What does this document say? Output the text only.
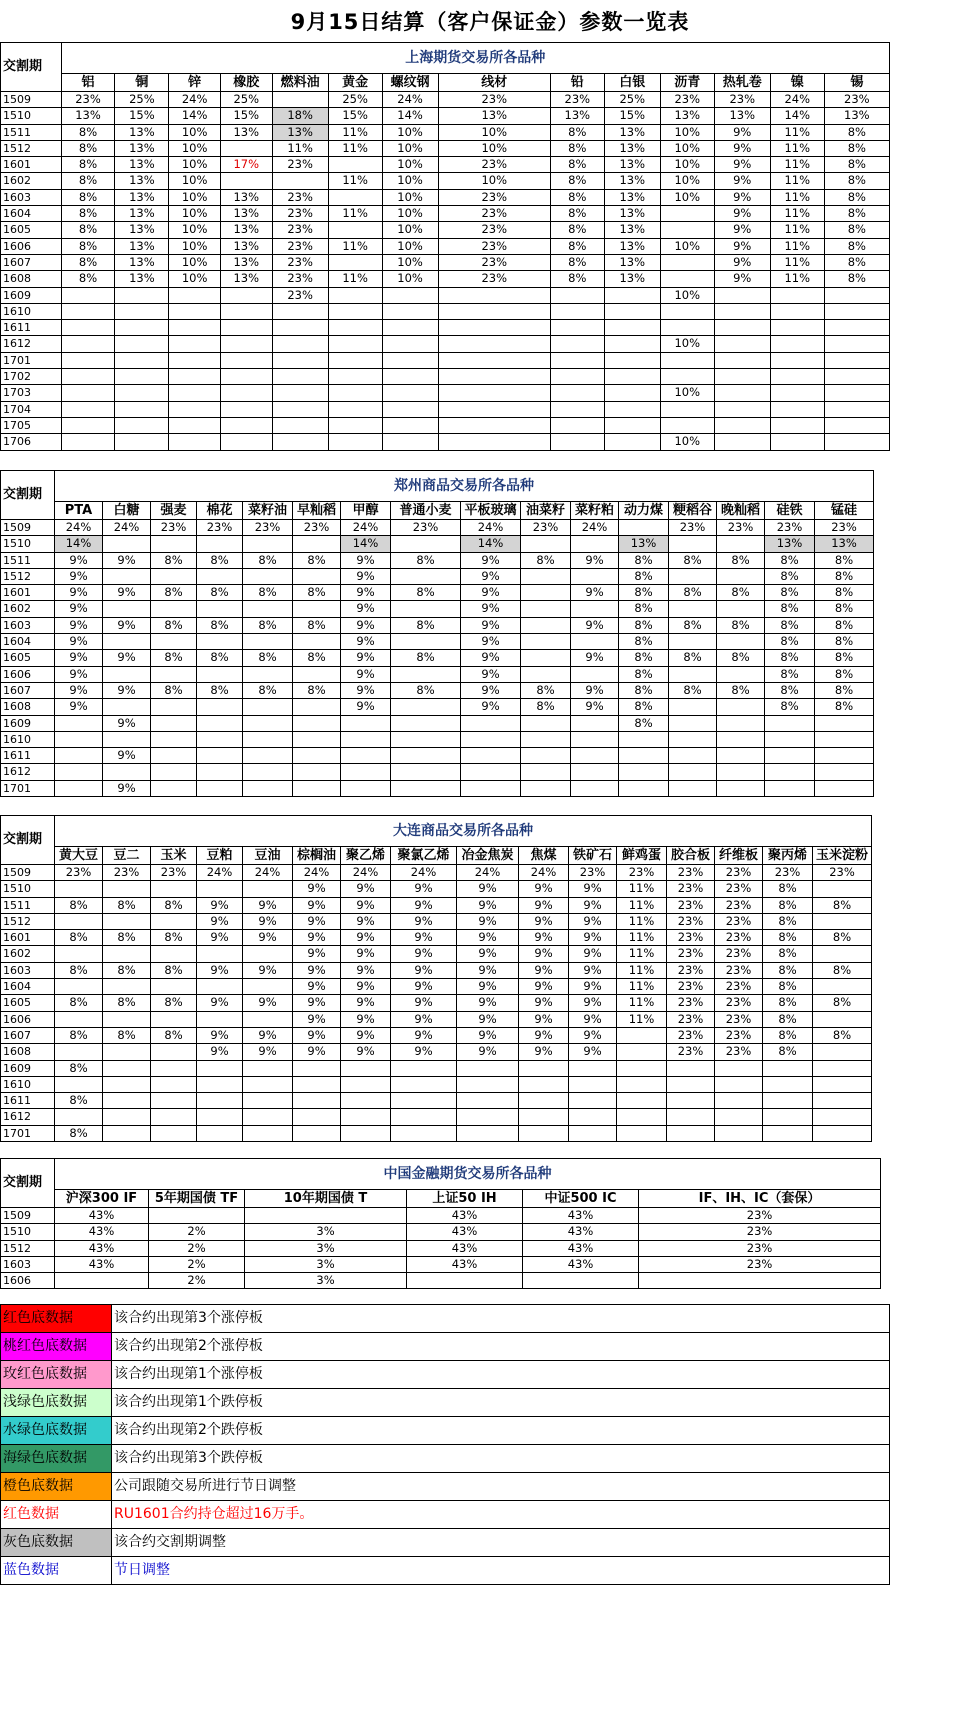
9月15日结算（客户保证金）参数一览表
交割期	上海期货交易所各品种													
	铝	铜	锌	橡胶	燃料油	黄金	螺纹钢	线材	铅	白银	沥青	热轧卷	镍	锡
1509	23%	25%	24%	25%		25%	24%	23%	23%	25%	23%	23%	24%	23%
1510	13%	15%	14%	15%	18%	15%	14%	13%	13%	15%	13%	13%	14%	13%
1511	8%	13%	10%	13%	13%	11%	10%	10%	8%	13%	10%	9%	11%	8%
1512	8%	13%	10%		11%	11%	10%	10%	8%	13%	10%	9%	11%	8%
1601	8%	13%	10%	17%	23%		10%	23%	8%	13%	10%	9%	11%	8%
1602	8%	13%	10%			11%	10%	10%	8%	13%	10%	9%	11%	8%
1603	8%	13%	10%	13%	23%		10%	23%	8%	13%	10%	9%	11%	8%
1604	8%	13%	10%	13%	23%	11%	10%	23%	8%	13%		9%	11%	8%
1605	8%	13%	10%	13%	23%		10%	23%	8%	13%		9%	11%	8%
1606	8%	13%	10%	13%	23%	11%	10%	23%	8%	13%	10%	9%	11%	8%
1607	8%	13%	10%	13%	23%		10%	23%	8%	13%		9%	11%	8%
1608	8%	13%	10%	13%	23%	11%	10%	23%	8%	13%		9%	11%	8%
1609					23%						10%			
1610														
1611														
1612											10%			
1701														
1702														
1703											10%			
1704														
1705														
1706											10%			
交割期	郑州商品交易所各品种															
	PTA	白糖	强麦	棉花	菜籽油	早籼稻	甲醇	普通小麦	平板玻璃	油菜籽	菜籽粕	动力煤	粳稻谷	晚籼稻	硅铁	锰硅
1509	24%	24%	23%	23%	23%	23%	24%	23%	24%	23%	24%		23%	23%	23%	23%
1510	14%						14%		14%			13%			13%	13%
1511	9%	9%	8%	8%	8%	8%	9%	8%	9%	8%	9%	8%	8%	8%	8%	8%
1512	9%						9%		9%			8%			8%	8%
1601	9%	9%	8%	8%	8%	8%	9%	8%	9%		9%	8%	8%	8%	8%	8%
1602	9%						9%		9%			8%			8%	8%
1603	9%	9%	8%	8%	8%	8%	9%	8%	9%		9%	8%	8%	8%	8%	8%
1604	9%						9%		9%			8%			8%	8%
1605	9%	9%	8%	8%	8%	8%	9%	8%	9%		9%	8%	8%	8%	8%	8%
1606	9%						9%		9%			8%			8%	8%
1607	9%	9%	8%	8%	8%	8%	9%	8%	9%	8%	9%	8%	8%	8%	8%	8%
1608	9%						9%		9%	8%	9%	8%			8%	8%
1609		9%										8%				
1610																
1611		9%														
1612																
1701		9%														
交割期	大连商品交易所各品种															
	黄大豆	豆二	玉米	豆粕	豆油	棕榈油	聚乙烯	聚氯乙烯	冶金焦炭	焦煤	铁矿石	鲜鸡蛋	胶合板	纤维板	聚丙烯	玉米淀粉
1509	23%	23%	23%	24%	24%	24%	24%	24%	24%	24%	23%	23%	23%	23%	23%	23%
1510						9%	9%	9%	9%	9%	9%	11%	23%	23%	8%	
1511	8%	8%	8%	9%	9%	9%	9%	9%	9%	9%	9%	11%	23%	23%	8%	8%
1512				9%	9%	9%	9%	9%	9%	9%	9%	11%	23%	23%	8%	
1601	8%	8%	8%	9%	9%	9%	9%	9%	9%	9%	9%	11%	23%	23%	8%	8%
1602						9%	9%	9%	9%	9%	9%	11%	23%	23%	8%	
1603	8%	8%	8%	9%	9%	9%	9%	9%	9%	9%	9%	11%	23%	23%	8%	8%
1604						9%	9%	9%	9%	9%	9%	11%	23%	23%	8%	
1605	8%	8%	8%	9%	9%	9%	9%	9%	9%	9%	9%	11%	23%	23%	8%	8%
1606						9%	9%	9%	9%	9%	9%	11%	23%	23%	8%	
1607	8%	8%	8%	9%	9%	9%	9%	9%	9%	9%	9%		23%	23%	8%	8%
1608				9%	9%	9%	9%	9%	9%	9%	9%		23%	23%	8%	
1609	8%															
1610																
1611	8%															
1612																
1701	8%															
交割期	中国金融期货交易所各品种					
	沪深300 IF	5年期国债 TF	10年期国债 T	上证50 IH	中证500 IC	IF、IH、IC（套保）
1509	43%			43%	43%	23%
1510	43%	2%	3%	43%	43%	23%
1512	43%	2%	3%	43%	43%	23%
1603	43%	2%	3%	43%	43%	23%
1606		2%	3%			
红色底数据	该合约出现第3个涨停板
桃红色底数据	该合约出现第2个涨停板
玫红色底数据	该合约出现第1个涨停板
浅绿色底数据	该合约出现第1个跌停板
水绿色底数据	该合约出现第2个跌停板
海绿色底数据	该合约出现第3个跌停板
橙色底数据	公司跟随交易所进行节日调整
红色数据	RU1601合约持仓超过16万手。
灰色底数据	该合约交割期调整
蓝色数据	节日调整
